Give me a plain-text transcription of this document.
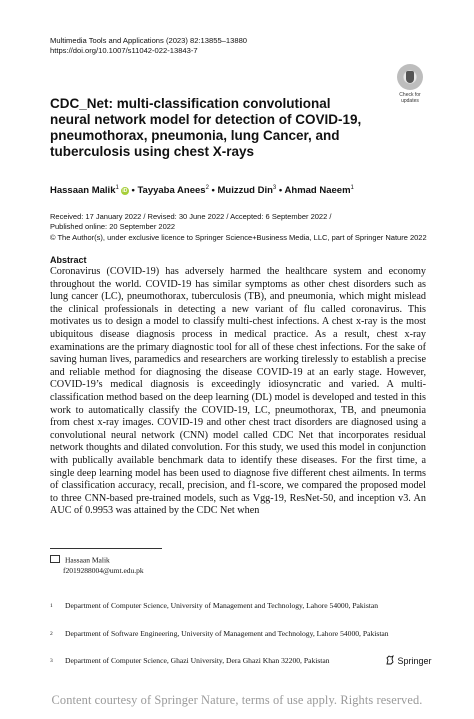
Multimedia Tools and Applications (2023) 82:13855–13880
https://doi.org/10.1007/s11042-022-13843-7
Check for
updates
CDC_Net: multi-classification convolutional neural network model for detection of COVID-19, pneumothorax, pneumonia, lung Cancer, and tuberculosis using chest X-rays
Hassaan Malik$^1$iD • Tayyaba Anees$^2$ • Muizzud Din$^3$ • Ahmad Naeem$^1$
Received: 17 January 2022 / Revised: 30 June 2022 / Accepted: 6 September 2022 /
Published online: 20 September 2022
© The Author(s), under exclusive licence to Springer Science+Business Media, LLC, part of Springer Nature 2022
Abstract
Coronavirus (COVID-19) has adversely harmed the healthcare system and economy throughout the world. COVID-19 has similar symptoms as other chest disorders such as lung cancer (LC), pneumothorax, tuberculosis (TB), and pneumonia, which might mislead the clinical professionals in detecting a new variant of flu called coronavirus. This motivates us to design a model to classify multi-chest infections. A chest x-ray is the most ubiquitous disease diagnosis process in medical practice. As a result, chest x-ray examinations are the primary diagnostic tool for all of these chest infections. For the sake of saving human lives, paramedics and researchers are working tirelessly to establish a precise and reliable method for diagnosing the disease COVID-19 at an early stage. However, COVID-19’s medical diagnosis is exceedingly idiosyncratic and varied. A multi-classification method based on the deep learning (DL) model is developed and tested in this work to automatically classify the COVID-19, LC, pneumothorax, TB, and pneumonia from chest x-ray images. COVID-19 and other chest tract disorders are diagnosed using a convolutional neural network (CNN) model called CDC Net that incorporates residual network thoughts and dilated convolution. For this study, we used this model in conjunction with publically available benchmark data to identify these diseases. For the first time, a single deep learning model has been used to diagnose five different chest ailments. In terms of classification accuracy, recall, precision, and f1-score, we compared the proposed model to three CNN-based pre-trained models, such as Vgg-19, ResNet-50, and inception v3. An AUC of 0.9953 was attained by the CDC Net when
Hassaan Malik
f2019288004@umt.edu.pk
1 Department of Computer Science, University of Management and Technology, Lahore 54000, Pakistan
2 Department of Software Engineering, University of Management and Technology, Lahore 54000, Pakistan
3 Department of Computer Science, Ghazi University, Dera Ghazi Khan 32200, Pakistan	Springer
Content courtesy of Springer Nature, terms of use apply. Rights reserved.
